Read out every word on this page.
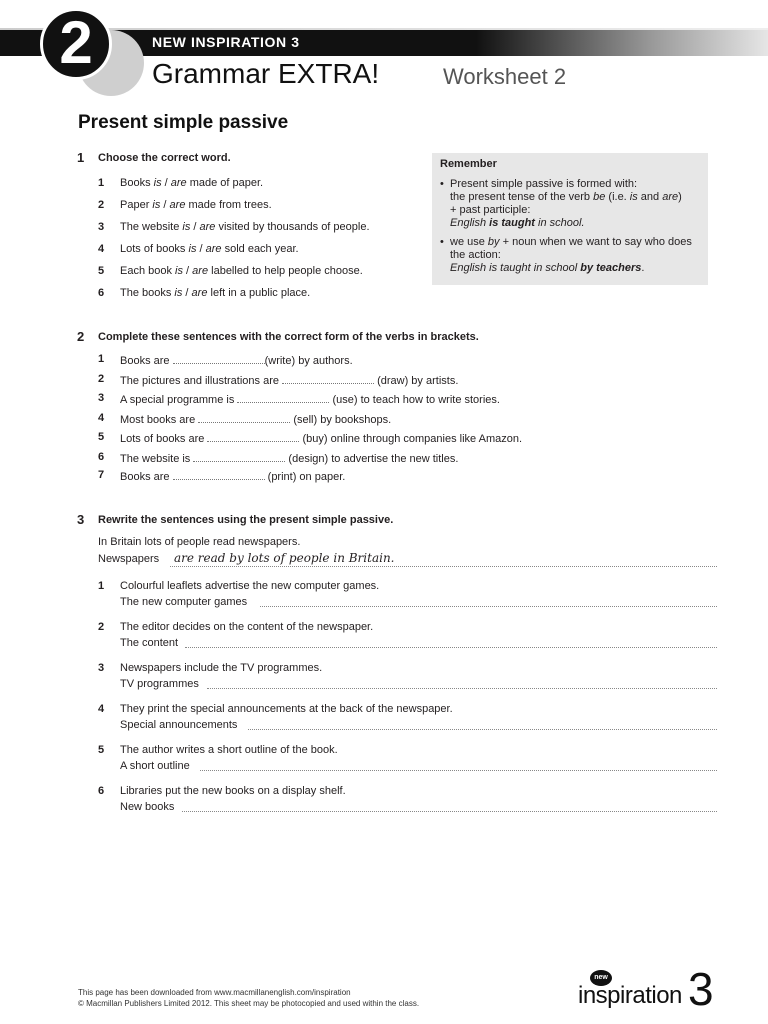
2	NEW INSPIRATION 3
Grammar EXTRA!	Worksheet 2
Present simple passive
1 Choose the correct word.
1 Books is / are made of paper.
2 Paper is / are made from trees.
3 The website is / are visited by thousands of people.
4 Lots of books is / are sold each year.
5 Each book is / are labelled to help people choose.
6 The books is / are left in a public place.
Remember
• Present simple passive is formed with:
the present tense of the verb be (i.e. is and are)
+ past participle:
English is taught in school.
• we use by + noun when we want to say who does the action:
English is taught in school by teachers.
2 Complete these sentences with the correct form of the verbs in brackets.
1 Books are	(write) by authors.
2 The pictures and illustrations are	(draw) by artists.
3 A special programme is	(use) to teach how to write stories.
4 Most books are	(sell) by bookshops.
5 Lots of books are	(buy) online through companies like Amazon.
6 The website is	(design) to advertise the new titles.
7 Books are	(print) on paper.
3 Rewrite the sentences using the present simple passive.
In Britain lots of people read newspapers.
Newspapers are read by lots of people in Britain.
1 Colourful leaflets advertise the new computer games.
The new computer games
2 The editor decides on the content of the newspaper.
The content
3 Newspapers include the TV programmes.
TV programmes
4 They print the special announcements at the back of the newspaper.
Special announcements
5 The author writes a short outline of the book.
A short outline
6 Libraries put the new books on a display shelf.
New books
This page has been downloaded from www.macmillanenglish.com/inspiration
© Macmillan Publishers Limited 2012. This sheet may be photocopied and used within the class.
new
inspiration 3
